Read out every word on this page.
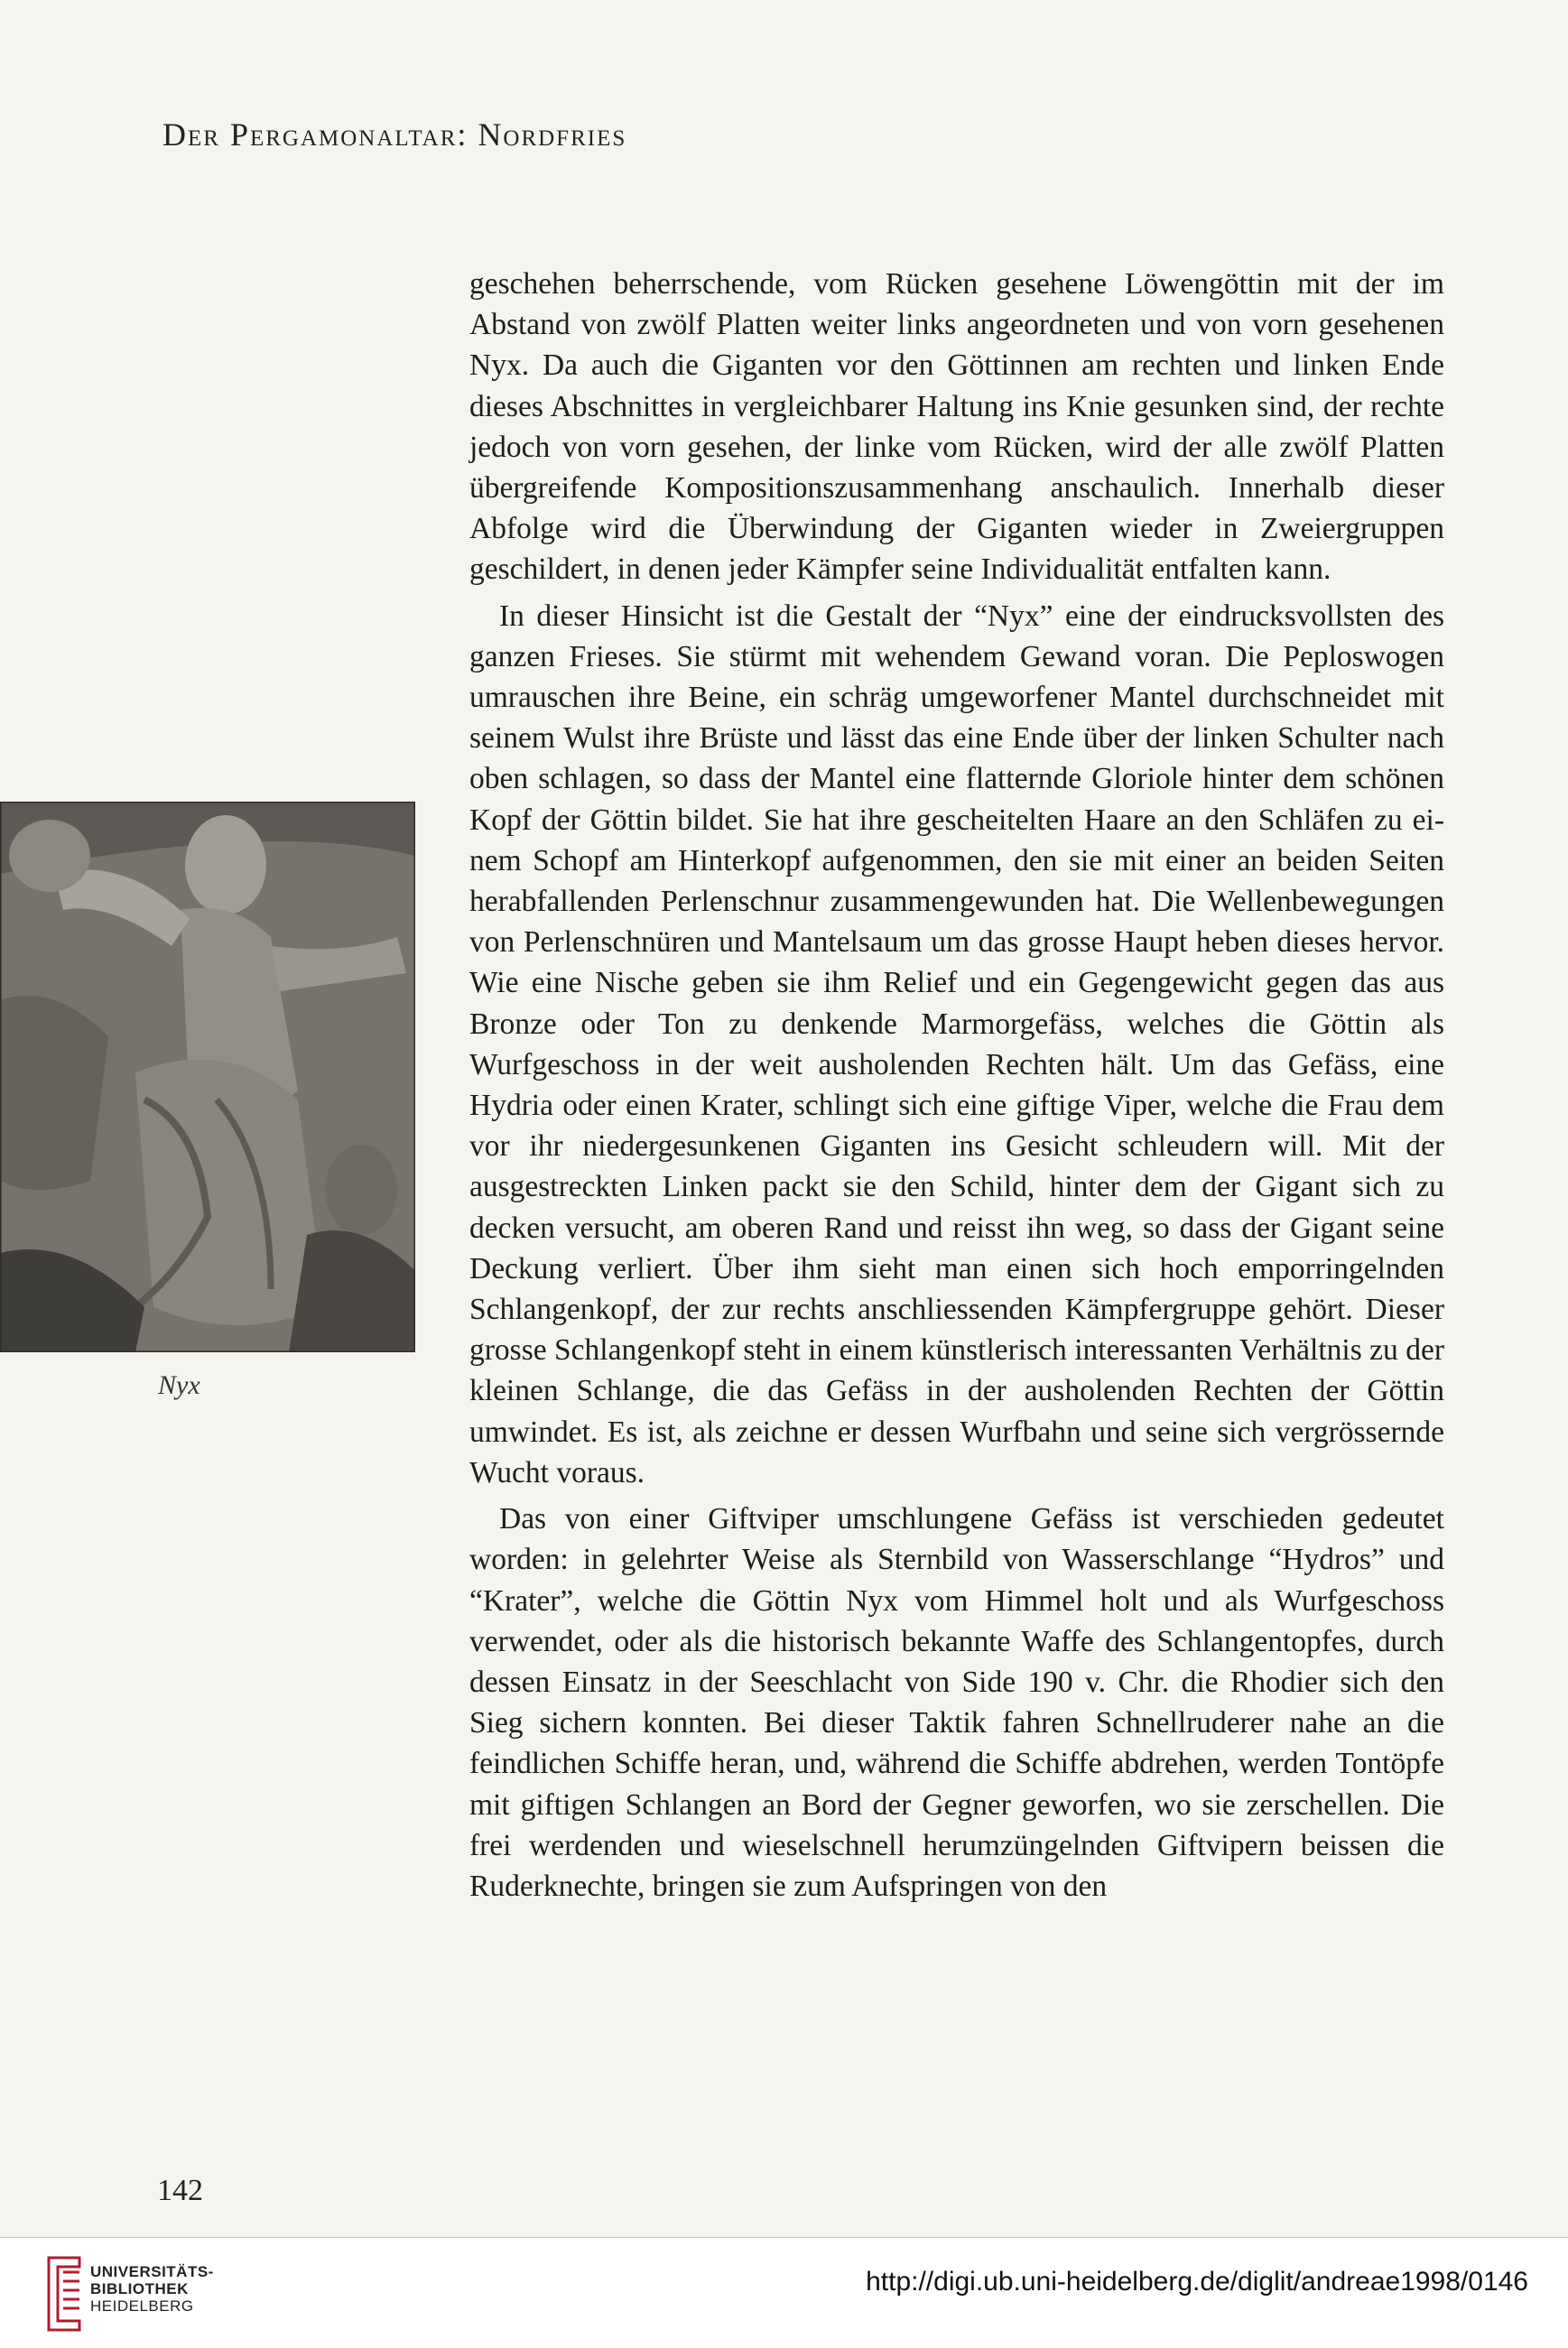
Der Pergamonaltar: Nordfries
Nyx

geschehen beherrschende, vom Rücken gesehene Löwengöttin mit der im Abstand von zwölf Platten weiter links angeordneten und von vorn gesehenen Nyx. Da auch die Giganten vor den Göttinnen am rechten und linken Ende dieses Abschnittes in vergleichbarer Haltung ins Knie gesunken sind, der rechte jedoch von vorn gesehen, der linke vom Rücken, wird der alle zwölf Platten übergreifende Kompositionszusammenhang anschaulich. Innerhalb dieser Abfolge wird die Überwindung der Giganten wieder in Zweiergruppen geschildert, in denen jeder Kämpfer seine Individualität entfalten kann.

In dieser Hinsicht ist die Gestalt der “Nyx” eine der eindrucksvollsten des ganzen Frieses. Sie stürmt mit wehendem Gewand voran. Die Peploswogen umrauschen ihre Beine, ein schräg umgeworfener Mantel durchschneidet mit seinem Wulst ihre Brüste und lässt das eine Ende über der linken Schulter nach oben schlagen, so dass der Mantel eine flatternde Gloriole hinter dem schönen Kopf der Göttin bildet. Sie hat ihre gescheitelten Haare an den Schläfen zu einem Schopf am Hinterkopf aufgenommen, den sie mit einer an beiden Seiten herabfallenden Perlenschnur zusammengewunden hat. Die Wellenbewegungen von Perlenschnüren und Mantelsaum um das grosse Haupt heben dieses hervor. Wie eine Nische geben sie ihm Relief und ein Gegengewicht gegen das aus Bronze oder Ton zu denkende Marmorgefäss, welches die Göttin als Wurfgeschoss in der weit ausholenden Rechten hält. Um das Gefäss, eine Hydria oder einen Krater, schlingt sich eine giftige Viper, welche die Frau dem vor ihr niedergesunkenen Giganten ins Gesicht schleudern will. Mit der ausgestreckten Linken packt sie den Schild, hinter dem der Gigant sich zu decken versucht, am oberen Rand und reisst ihn weg, so dass der Gigant seine Deckung verliert. Über ihm sieht man einen sich hoch emporringelnden Schlangenkopf, der zur rechts anschliessenden Kämpfergruppe gehört. Dieser grosse Schlangenkopf steht in einem künstlerisch interessanten Verhältnis zu der kleinen Schlange, die das Gefäss in der ausholenden Rechten der Göttin umwindet. Es ist, als zeichne er dessen Wurfbahn und seine sich vergrössernde Wucht voraus.

Das von einer Giftviper umschlungene Gefäss ist verschieden gedeutet worden: in gelehrter Weise als Sternbild von Wasserschlange “Hydros” und “Krater”, welche die Göttin Nyx vom Himmel holt und als Wurfgeschoss verwendet, oder als die historisch bekannte Waffe des Schlangentopfes, durch dessen Einsatz in der Seeschlacht von Side 190 v. Chr. die Rhodier sich den Sieg sichern konnten. Bei dieser Taktik fahren Schnellruderer nahe an die feindlichen Schiffe heran, und, während die Schiffe abdrehen, werden Tontöpfe mit giftigen Schlangen an Bord der Gegner geworfen, wo sie zerschellen. Die frei werdenden und wieselschnell herumzüngelnden Giftvipern beissen die Ruderknechte, bringen sie zum Aufspringen von den

142
UNIVERSITÄTS-
BIBLIOTHEK
HEIDELBERG
http://digi.ub.uni-heidelberg.de/diglit/andreae1998/0146
